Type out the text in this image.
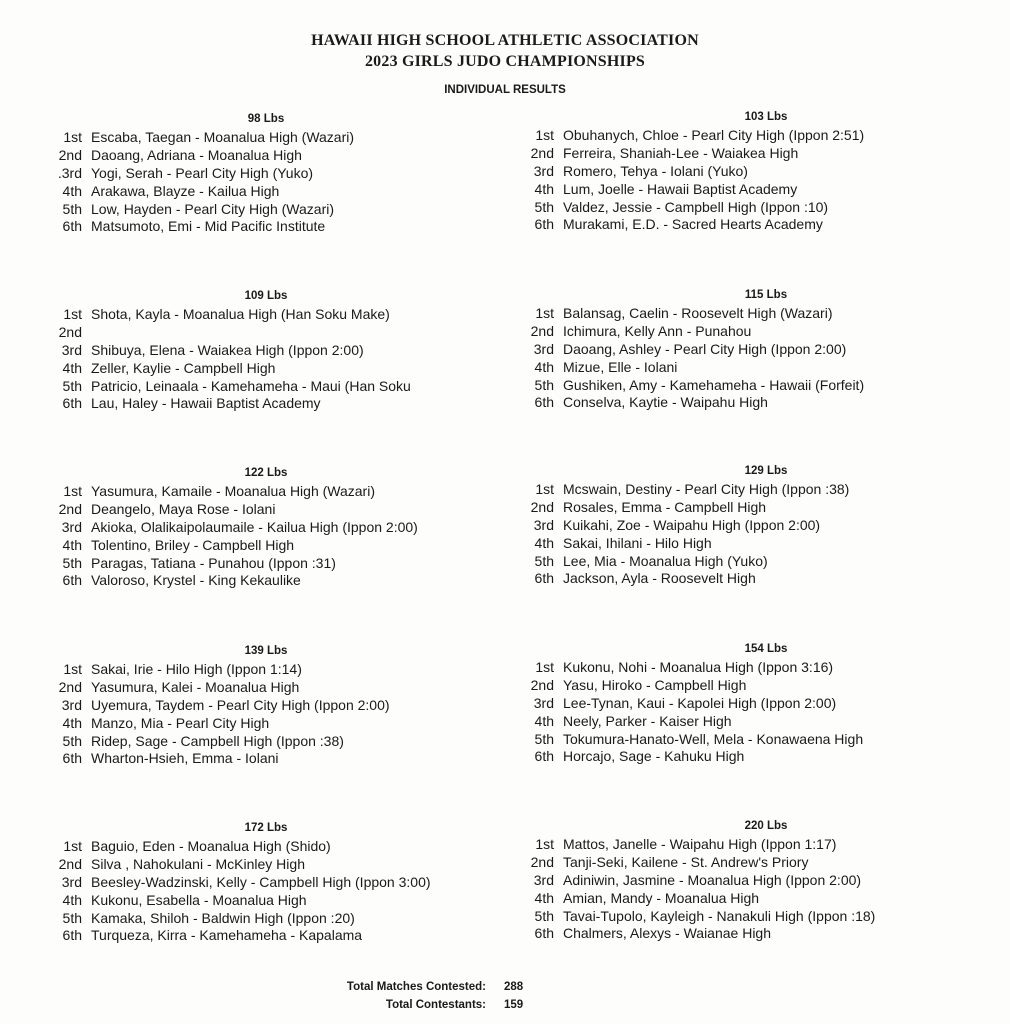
HAWAII HIGH SCHOOL ATHLETIC ASSOCIATION
2023 GIRLS JUDO CHAMPIONSHIPS
INDIVIDUAL RESULTS
98 Lbs
1st Escaba, Taegan - Moanalua High (Wazari)
2nd Daoang, Adriana - Moanalua High
.3rd Yogi, Serah - Pearl City High (Yuko)
4th Arakawa, Blayze - Kailua High
5th Low, Hayden - Pearl City High (Wazari)
6th Matsumoto, Emi - Mid Pacific Institute
103 Lbs
1st Obuhanych, Chloe - Pearl City High (Ippon 2:51)
2nd Ferreira, Shaniah-Lee - Waiakea High
3rd Romero, Tehya - Iolani (Yuko)
4th Lum, Joelle - Hawaii Baptist Academy
5th Valdez, Jessie - Campbell High (Ippon :10)
6th Murakami, E.D. - Sacred Hearts Academy
109 Lbs
1st Shota, Kayla - Moanalua High (Han Soku Make)
2nd
3rd Shibuya, Elena - Waiakea High (Ippon 2:00)
4th Zeller, Kaylie - Campbell High
5th Patricio, Leinaala - Kamehameha - Maui (Han Soku
6th Lau, Haley - Hawaii Baptist Academy
115 Lbs
1st Balansag, Caelin - Roosevelt High (Wazari)
2nd Ichimura, Kelly Ann - Punahou
3rd Daoang, Ashley - Pearl City High (Ippon 2:00)
4th Mizue, Elle - Iolani
5th Gushiken, Amy - Kamehameha - Hawaii (Forfeit)
6th Conselva, Kaytie - Waipahu High
122 Lbs
1st Yasumura, Kamaile - Moanalua High (Wazari)
2nd Deangelo, Maya Rose - Iolani
3rd Akioka, Olalikaipolaumaile - Kailua High (Ippon 2:00)
4th Tolentino, Briley - Campbell High
5th Paragas, Tatiana - Punahou (Ippon :31)
6th Valoroso, Krystel - King Kekaulike
129 Lbs
1st Mcswain, Destiny - Pearl City High (Ippon :38)
2nd Rosales, Emma - Campbell High
3rd Kuikahi, Zoe - Waipahu High (Ippon 2:00)
4th Sakai, Ihilani - Hilo High
5th Lee, Mia - Moanalua High (Yuko)
6th Jackson, Ayla - Roosevelt High
139 Lbs
1st Sakai, Irie - Hilo High (Ippon 1:14)
2nd Yasumura, Kalei - Moanalua High
3rd Uyemura, Taydem - Pearl City High (Ippon 2:00)
4th Manzo, Mia - Pearl City High
5th Ridep, Sage - Campbell High (Ippon :38)
6th Wharton-Hsieh, Emma - Iolani
154 Lbs
1st Kukonu, Nohi - Moanalua High (Ippon 3:16)
2nd Yasu, Hiroko - Campbell High
3rd Lee-Tynan, Kaui - Kapolei High (Ippon 2:00)
4th Neely, Parker - Kaiser High
5th Tokumura-Hanato-Well, Mela - Konawaena High
6th Horcajo, Sage - Kahuku High
172 Lbs
1st Baguio, Eden - Moanalua High (Shido)
2nd Silva , Nahokulani - McKinley High
3rd Beesley-Wadzinski, Kelly - Campbell High (Ippon 3:00)
4th Kukonu, Esabella - Moanalua High
5th Kamaka, Shiloh - Baldwin High (Ippon :20)
6th Turqueza, Kirra - Kamehameha - Kapalama
220 Lbs
1st Mattos, Janelle - Waipahu High (Ippon 1:17)
2nd Tanji-Seki, Kailene - St. Andrew's Priory
3rd Adiniwin, Jasmine - Moanalua High (Ippon 2:00)
4th Amian, Mandy - Moanalua High
5th Tavai-Tupolo, Kayleigh - Nanakuli High (Ippon :18)
6th Chalmers, Alexys - Waianae High
Total Matches Contested: 288
Total Contestants: 159
